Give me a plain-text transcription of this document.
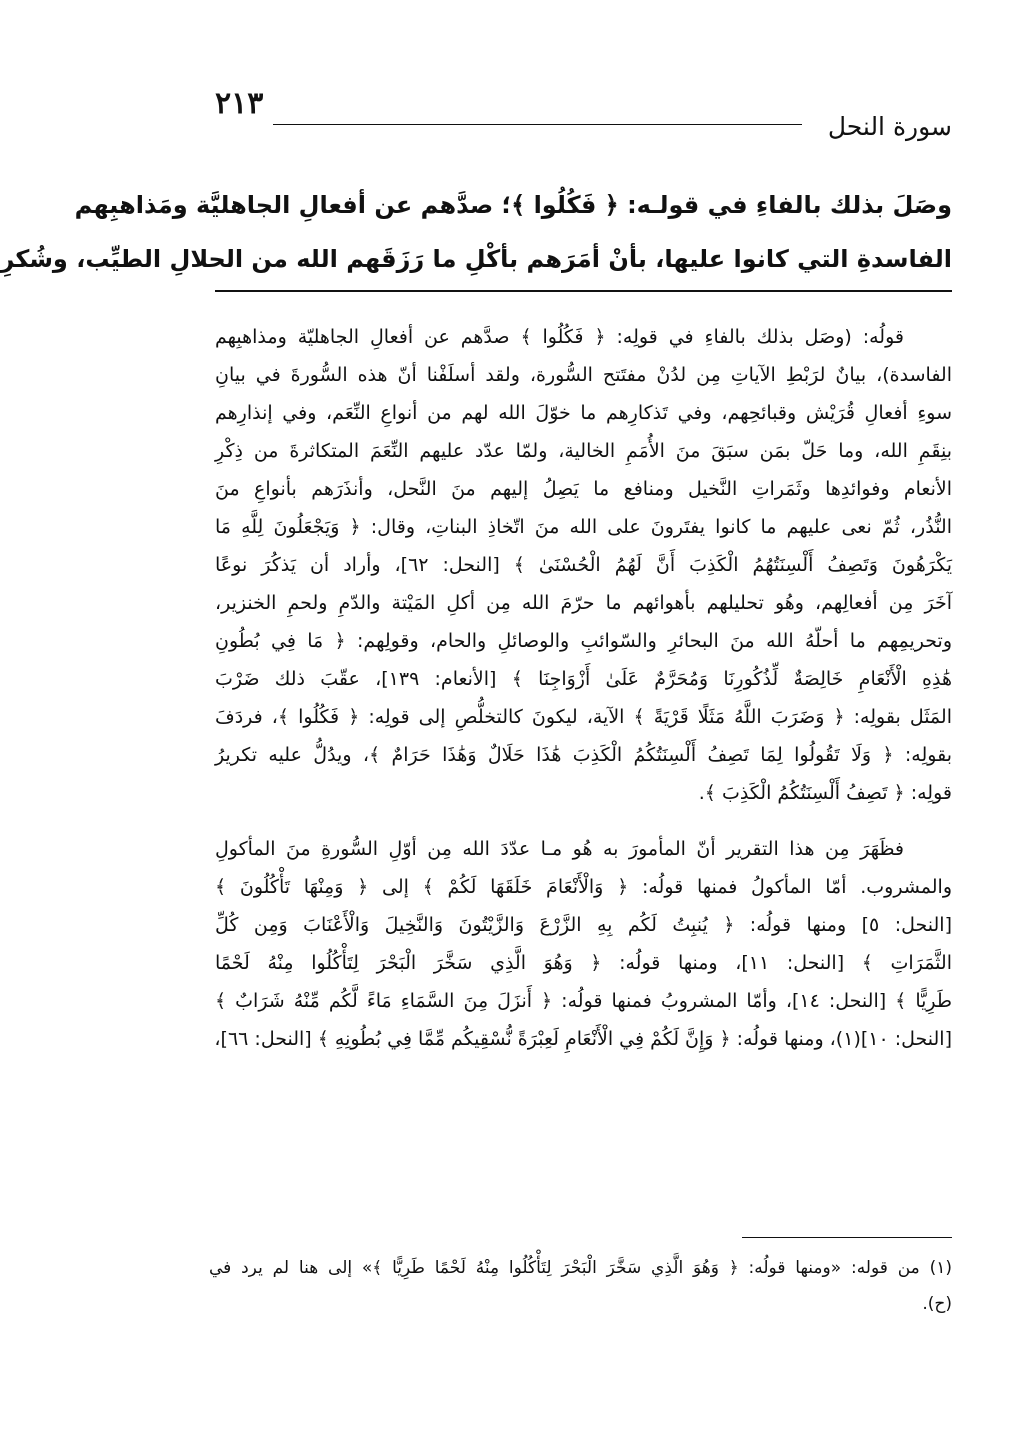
سورة النحل
٢١٣
وصَلَ بذلك بالفاءِ في قولـه: ﴿ فَكُلُوا ﴾؛ صدَّهم عن أفعالِ الجاهليَّة ومَذاهبِهم
الفاسدةِ التي كانوا عليها، بأنْ أمَرَهم بأكْلِ ما رَزَقَهم الله من الحلالِ الطيِّب، وشُكرِ
قولُه: (وصَل بذلك بالفاءِ في قولِه: ﴿ فَكُلُوا ﴾ صدَّهم عن أفعالِ الجاهليّة ومذاهبِهم
الفاسدة)، بيانٌ لرَبْطِ الآياتِ مِن لدُنْ مفتَتح السُّورة، ولقد أسلَفْنا أنّ هذه السُّورةَ في بيانِ
سوءِ أفعالِ قُرَيْش وقبائحِهم، وفي تَذكارِهم ما خوّلَ الله لهم من أنواعِ النِّعَم، وفي إنذارِهم
بنِقَمِ الله، وما حَلّ بمَن سبَقَ منَ الأُمَمِ الخالية، ولمّا عدّد عليهم النِّعَمَ المتكاثرةَ من ذِكْرِ
الأنعام وفوائدِها وثَمَراتِ النَّخيل ومنافع ما يَصِلُ إليهم منَ النَّحل، وأنذَرَهم بأنواعِ منَ
النُّذُر، ثُمّ نعى عليهم ما كانوا يفتَرونَ على الله منَ اتّخاذِ البناتِ، وقال: ﴿ وَيَجْعَلُونَ لِلَّهِ مَا
يَكْرَهُونَ وَتَصِفُ أَلْسِنَتُهُمُ الْكَذِبَ أَنَّ لَهُمُ الْحُسْنَىٰ ﴾ [النحل: ٦٢]، وأراد أن يَذكُرَ نوعًا
آخَرَ مِن أفعالِهم، وهُو تحليلهم بأهوائهم ما حرّمَ الله مِن أكلِ المَيْتة والدّمِ ولحمِ الخنزير،
وتحريمِهم ما أحلّهُ الله منَ البحائرِ والسّوائبِ والوصائلِ والحام، وقولِهم: ﴿ مَا فِي بُطُونِ
هَٰذِهِ الْأَنْعَامِ خَالِصَةٌ لِّذُكُورِنَا وَمُحَرَّمٌ عَلَىٰ أَزْوَاجِنَا ﴾ [الأنعام: ١٣٩]، عقّبَ ذلك ضَرْبَ
المَثَل بقولِه: ﴿ وَضَرَبَ اللَّهُ مَثَلًا قَرْيَةً ﴾ الآية، ليكونَ كالتخلُّصِ إلى قولِه: ﴿ فَكُلُوا ﴾، فردَفَ
بقولِه: ﴿ وَلَا تَقُولُوا لِمَا تَصِفُ أَلْسِنَتُكُمُ الْكَذِبَ هَٰذَا حَلَالٌ وَهَٰذَا حَرَامٌ ﴾، ويدُلُّ عليه تكريرُ
قولِه: ﴿ تَصِفُ أَلْسِنَتُكُمُ الْكَذِبَ ﴾.
فظَهَرَ مِن هذا التقرير أنّ المأمورَ به هُو مـا عدّدَ الله مِن أوّلِ السُّورةِ منَ المأكولِ
والمشروب. أمّا المأكولُ فمنها قولُه: ﴿ وَالْأَنْعَامَ خَلَقَهَا لَكُمْ ﴾ إلى ﴿ وَمِنْهَا تَأْكُلُونَ ﴾
[النحل: ٥] ومنها قولُه: ﴿ يُنبِتُ لَكُم بِهِ الزَّرْعَ وَالزَّيْتُونَ وَالنَّخِيلَ وَالْأَعْنَابَ وَمِن كُلِّ
الثَّمَرَاتِ ﴾ [النحل: ١١]، ومنها قولُه: ﴿ وَهُوَ الَّذِي سَخَّرَ الْبَحْرَ لِتَأْكُلُوا مِنْهُ لَحْمًا
طَرِيًّا ﴾ [النحل: ١٤]، وأمّا المشروبُ فمنها قولُه: ﴿ أَنزَلَ مِنَ السَّمَاءِ مَاءً لَّكُم مِّنْهُ شَرَابٌ ﴾
[النحل: ١٠](١)، ومنها قولُه: ﴿ وَإِنَّ لَكُمْ فِي الْأَنْعَامِ لَعِبْرَةً نُّسْقِيكُم مِّمَّا فِي بُطُونِهِ ﴾ [النحل: ٦٦]،
(١) من قوله: «ومنها قولُه: ﴿ وَهُوَ الَّذِي سَخَّرَ الْبَحْرَ لِتَأْكُلُوا مِنْهُ لَحْمًا طَرِيًّا ﴾» إلى هنا لم يرد في
(ح).
